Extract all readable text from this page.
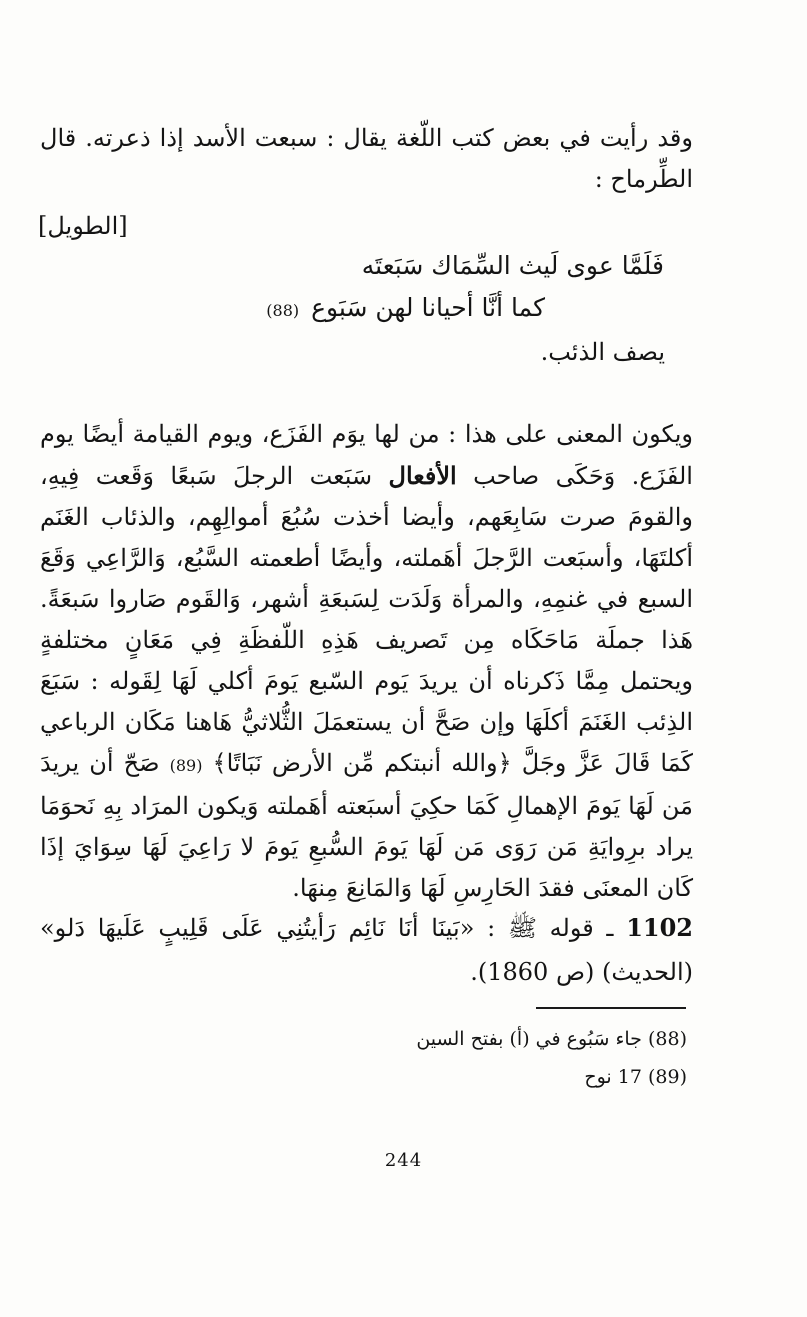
وقد رأيت في بعض كتب اللّغة يقال : سبعت الأسد إذا ذعرته. قال الطِّرماح :

[الطويل]
فَلَمَّا عوى لَيث السِّمَاك سَبَعتَه
كما أنَّا أحيانا لهن سَبَوع (88)
يصف الذئب.

ويكون المعنى على هذا : من لها يوَم الفَزَع، ويوم القيامة أيضًا يوم الفَزَع. وَحَكَى صاحب الأفعال سَبَعت الرجلَ سَبعًا وَقَعت فِيهِ، والقومَ صرت سَابِعَهم، وأيضا أخذت سُبُعَ أموالِهِم، والذئاب الغَنَم أكلتَهَا، وأسبَعت الرَّجلَ أهَملته، وأيضًا أطعمته السَّبُع، وَالرَّاعِي وَقَعَ السبع في غنمِهِ، والمرأة وَلَدَت لِسَبعَةِ أشهر، وَالقَوم صَاروا سَبعَةً. هَذا جملَة مَاحَكَاه مِن تَصريف هَذِهِ اللّفظَةِ فِي مَعَانٍ مختلفةٍ ويحتمل مِمَّا ذَكرناه أن يريدَ يَوم السّبع يَومَ أكلي لَهَا لِقَوله : سَبَعَ الذِئب الغَنَمَ أكلَهَا وإن صَحَّ أن يستعمَلَ الثُّلاثيُّ هَاهنا مَكَان الرباعي كَمَا قَالَ عَزَّ وجَلَّ ﴿والله أنبتكم مِّن الأرض نَبَاتًا﴾ (89) صَحّ أن يريدَ مَن لَهَا يَومَ الإهمالِ كَمَا حكِيَ أسبَعته أهَملته وَيكون المرَاد بِهِ نَحوَمَا يراد برِوايَةِ مَن رَوَى مَن لَهَا يَومَ السُّبعِ يَومَ لا رَاعِيَ لَهَا سِوَايَ إذَا كَان المعنَى فقدَ الحَارِسِ لَهَا وَالمَانِعَ مِنهَا.

1102 ـ قوله ﷺ : «بَينَا أنَا نَائِم رَأيتُنِي عَلَى قَلِيبٍ عَلَيهَا دَلو» (الحديث) (ص 1860).

(88) جاء سَبُوع في (أ) بفتح السين
(89) 17 نوح
244
